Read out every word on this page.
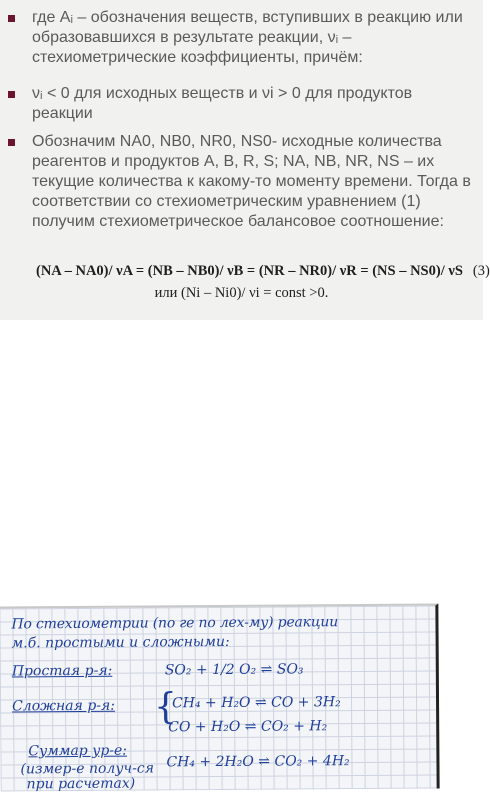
где Aᵢ – обозначения веществ, вступивших в реакцию или образовавшихся в результате реакции, νᵢ – стехиометрические коэффициенты, причём:
νᵢ < 0 для исходных веществ и νi > 0 для продуктов реакции
Обозначим NA0, NB0, NR0, NS0- исходные количества реагентов и продуктов A, B, R, S; NA, NB, NR, NS – их текущие количества к какому-то моменту времени. Тогда в соответствии со стехиометрическим уравнением (1) получим стехиометрическое балансовое соотношение:
(NA – NA0)/ νA = (NB – NB0)/ νB = (NR – NR0)/ νR = (NS – NS0)/ νS (3)
или (Ni – Ni0)/ νi = const >0.
По стехиометрии (по ге по лех-му) реакции
м.б. простыми и сложными:
Простая р-я:	SO₂ + 1/2 O₂ ⇌ SO₃
Сложная р-я: {
CH₄ + H₂O ⇌ CO + 3H₂
CO + H₂O ⇌ CO₂ + H₂
Суммар ур-е:
CH₄ + 2H₂O ⇌ CO₂ + 4H₂
(измер-е получ-ся
при расчетах)
